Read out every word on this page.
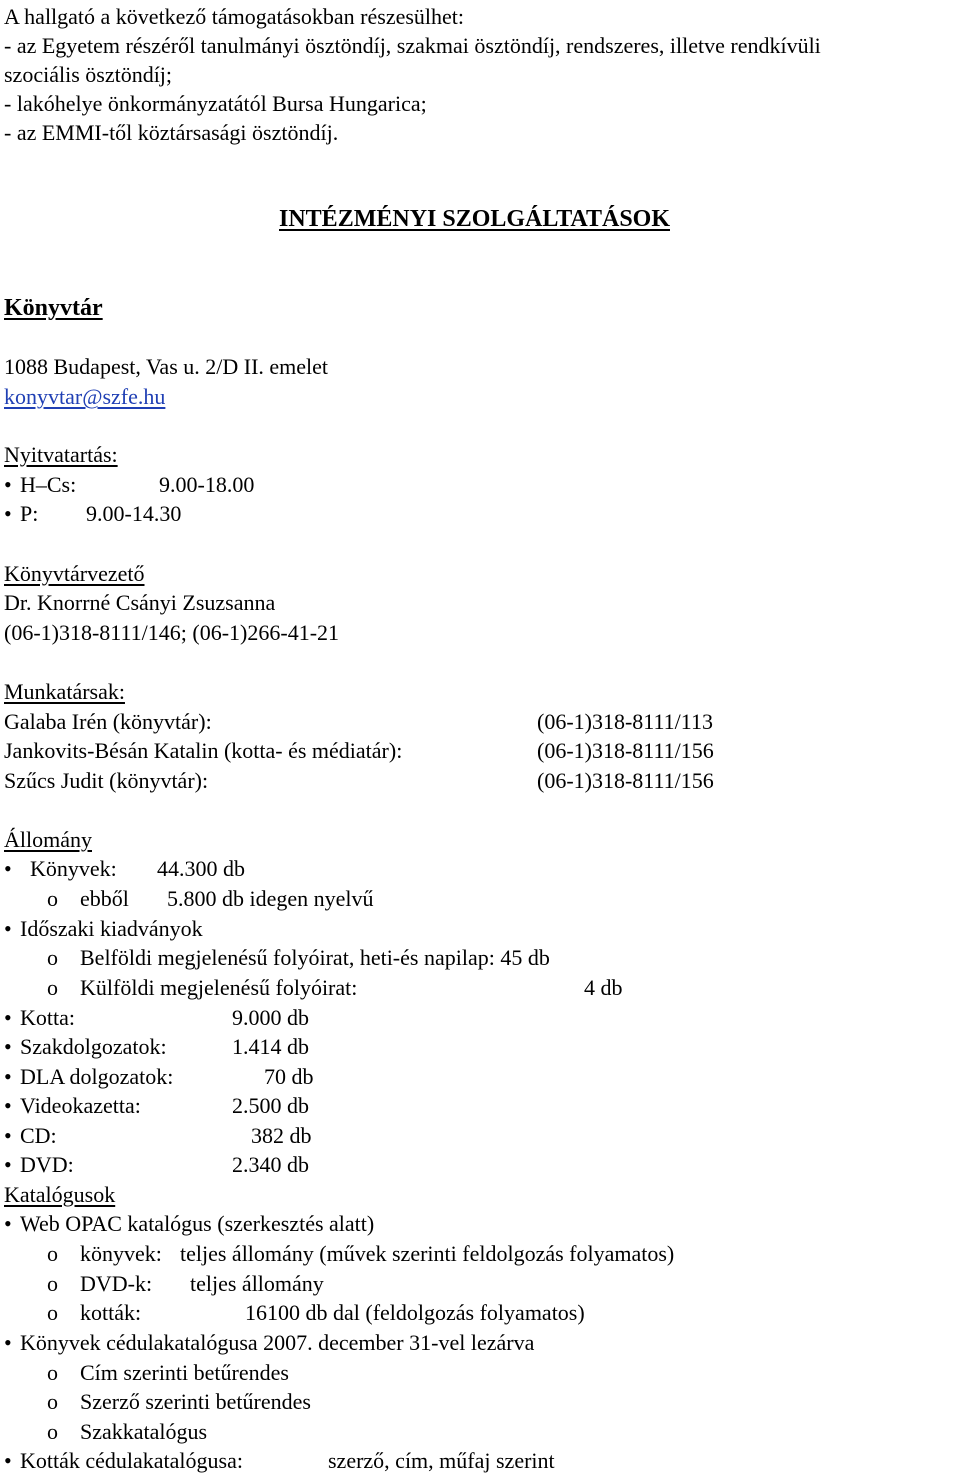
A hallgató a következő támogatásokban részesülhet:
- az Egyetem részéről tanulmányi ösztöndíj, szakmai ösztöndíj, rendszeres, illetve rendkívüli
szociális ösztöndíj;
- lakóhelye önkormányzatától Bursa Hungarica;
- az EMMI-től köztársasági ösztöndíj.
INTÉZMÉNYI SZOLGÁLTATÁSOK
Könyvtár
1088 Budapest, Vas u. 2/D II. emelet
konyvtar@szfe.hu
Nyitvatartás:
• H–Cs:	9.00-18.00
• P: 9.00-14.30
Könyvtárvezető
Dr. Knorrné Csányi Zsuzsanna
(06-1)318-8111/146; (06-1)266-41-21
Munkatársak:
Galaba Irén (könyvtár):	(06-1)318-8111/113
Jankovits-Bésán Katalin (kotta- és médiatár):	(06-1)318-8111/156
Szűcs Judit (könyvtár):	(06-1)318-8111/156
Állomány
• Könyvek: 44.300 db
o ebből 5.800 db idegen nyelvű
• Időszaki kiadványok
o Belföldi megjelenésű folyóirat, heti-és napilap: 45 db
o Külföldi megjelenésű folyóirat:	4 db
• Kotta:	9.000 db
• Szakdolgozatok:	1.414 db
• DLA dolgozatok:	70 db
• Videokazetta:	2.500 db
• CD:	382 db
• DVD:	2.340 db
Katalógusok
• Web OPAC katalógus (szerkesztés alatt)
o könyvek: teljes állomány (művek szerinti feldolgozás folyamatos)
o DVD-k: teljes állomány
o kották:	16100 db dal (feldolgozás folyamatos)
• Könyvek cédulakatalógusa 2007. december 31-vel lezárva
o Cím szerinti betűrendes
o Szerző szerinti betűrendes
o Szakkatalógus
• Kották cédulakatalógusa:	szerző, cím, műfaj szerint
